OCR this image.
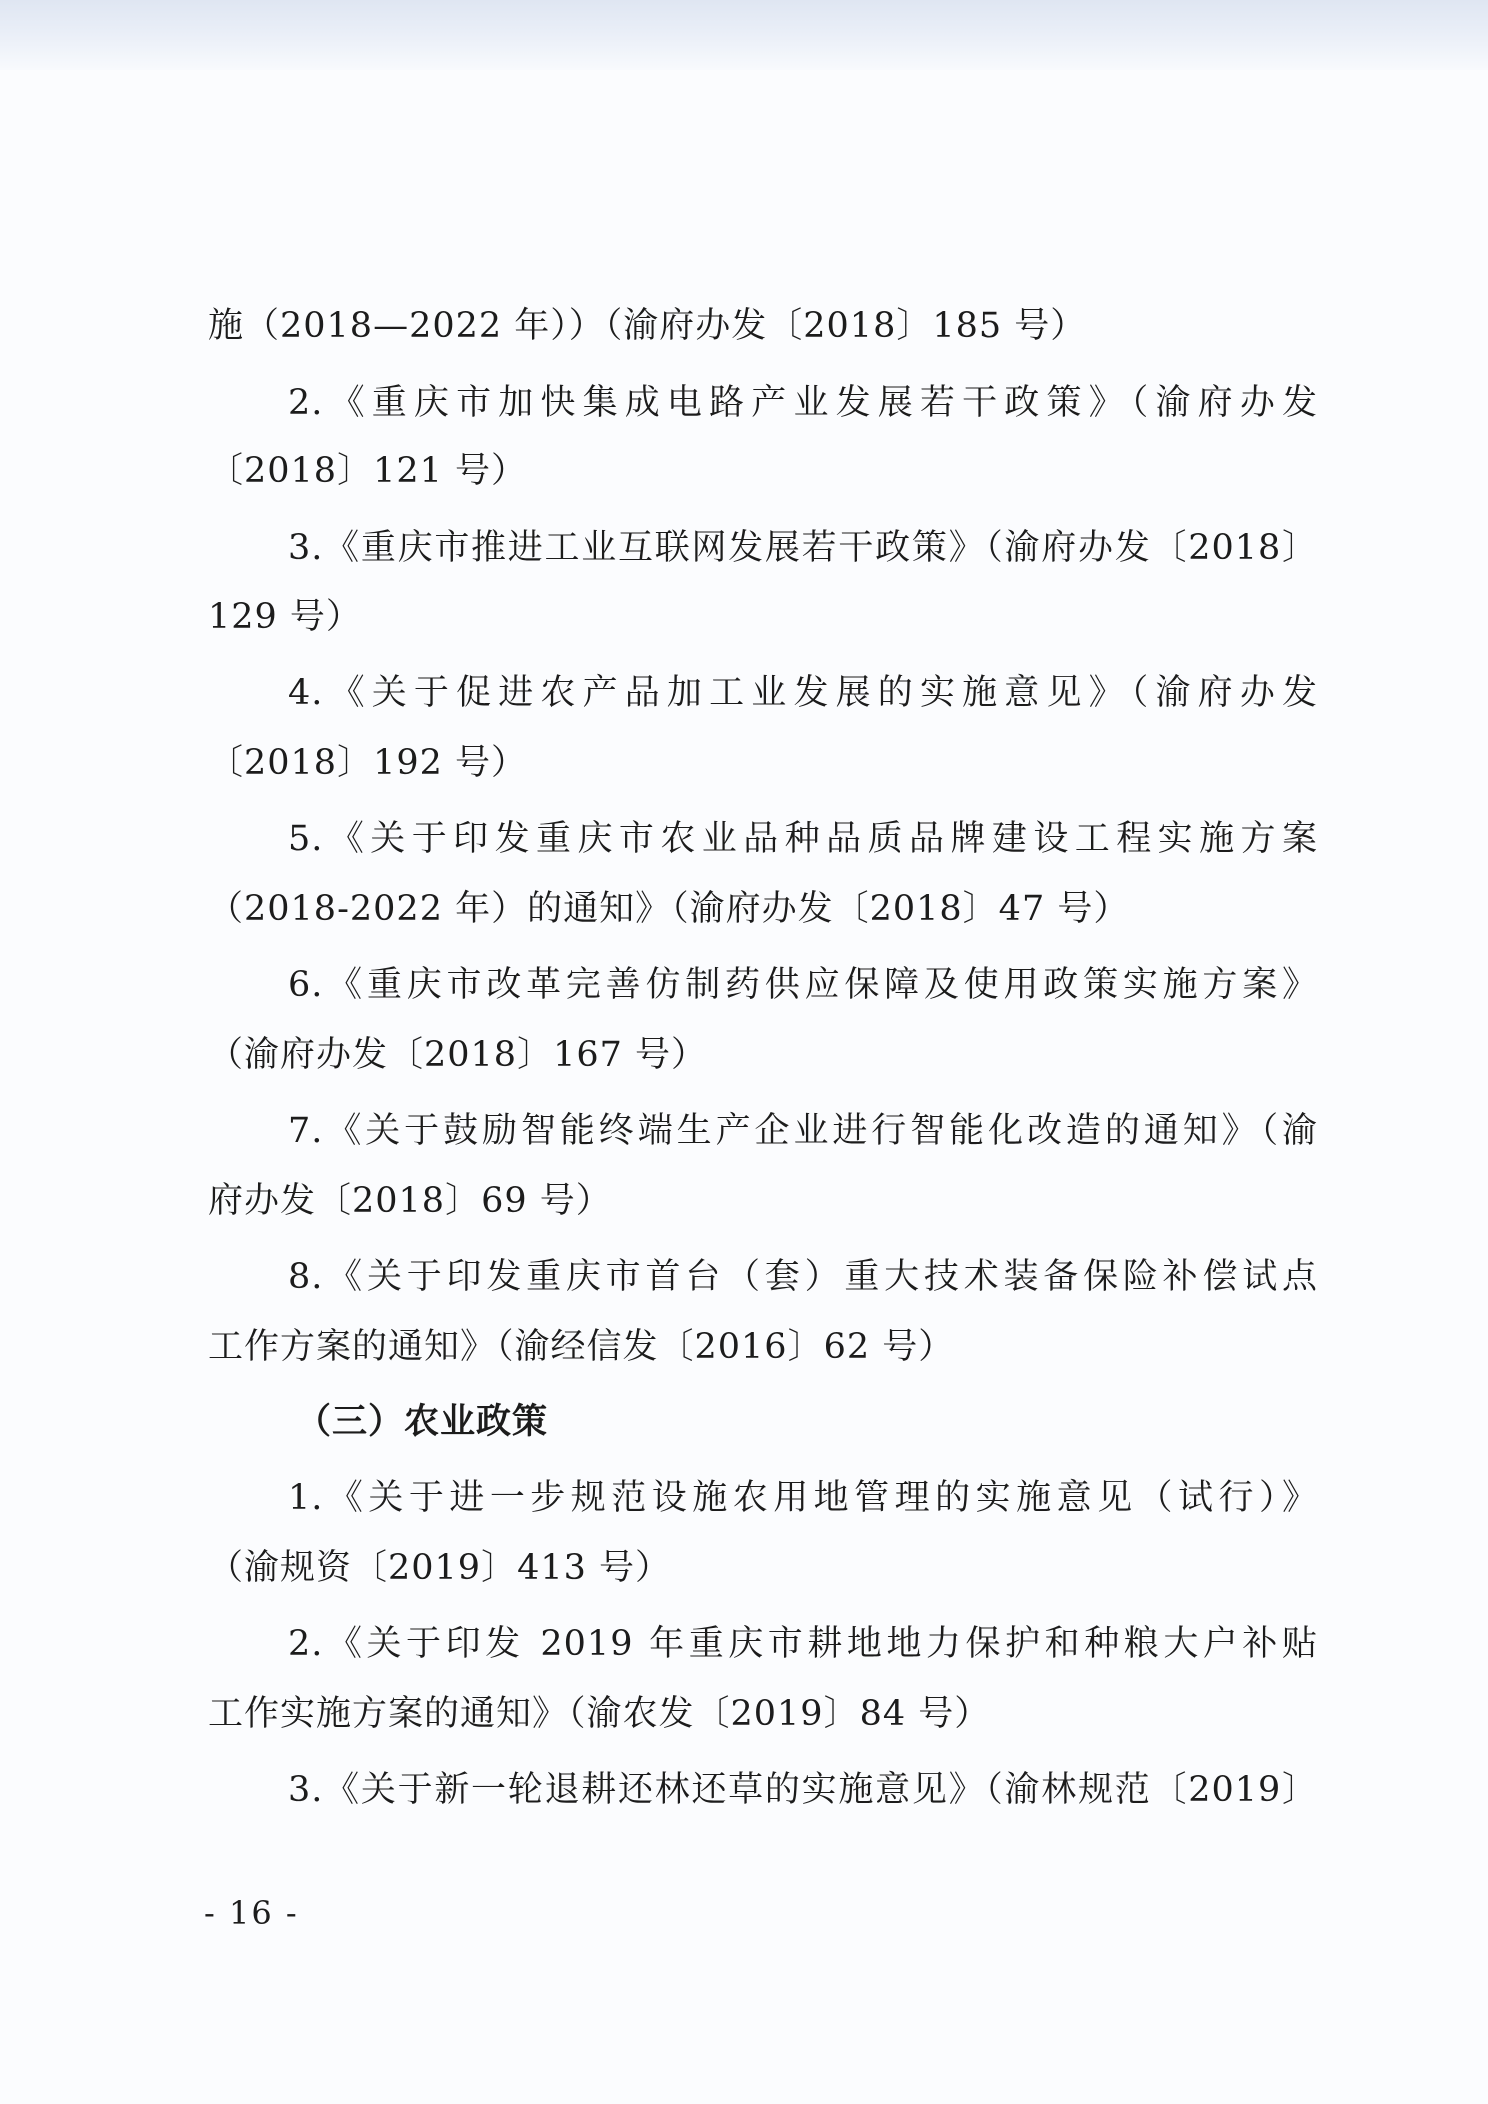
施（2018—2022 年））（渝府办发〔2018〕185 号）
2.《重庆市加快集成电路产业发展若干政策》（渝府办发
〔2018〕121 号）
3.《重庆市推进工业互联网发展若干政策》（渝府办发〔2018〕
129 号）
4.《关于促进农产品加工业发展的实施意见》（渝府办发
〔2018〕192 号）
5.《关于印发重庆市农业品种品质品牌建设工程实施方案
（2018-2022 年）的通知》（渝府办发〔2018〕47 号）
6.《重庆市改革完善仿制药供应保障及使用政策实施方案》
（渝府办发〔2018〕167 号）
7.《关于鼓励智能终端生产企业进行智能化改造的通知》（渝
府办发〔2018〕69 号）
8.《关于印发重庆市首台（套）重大技术装备保险补偿试点
工作方案的通知》（渝经信发〔2016〕62 号）
（三）农业政策
1.《关于进一步规范设施农用地管理的实施意见（试行）》
（渝规资〔2019〕413 号）
2.《关于印发 2019 年重庆市耕地地力保护和种粮大户补贴
工作实施方案的通知》（渝农发〔2019〕84 号）
3.《关于新一轮退耕还林还草的实施意见》（渝林规范〔2019〕
- 16 -
